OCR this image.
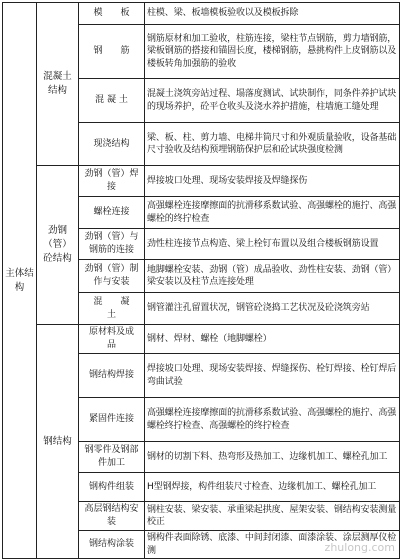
主体结构	混凝土结构	模　　板	柱模、梁、板墙模板验收以及模板拆除
		钢　　筋	钢筋原材和加工验收，柱筋连接，梁柱节点钢筋，剪力墙钢筋，梁板钢筋的搭接和锚固长度，楼梯钢筋，悬挑构件上皮钢筋以及楼板转角加强筋的验收
		混 凝 土	混凝土浇筑旁站过程、塌落度测试、试块制作，同条件养护试块的现场养护，砼平仓收头及浇水养护措施，柱墙施工缝处理
		现浇结构	梁、板、柱、剪力墙、电梯井筒尺寸和外观质量验收，设备基础尺寸验收及结构预埋钢筋保护层和砼试块强度检测
	劲钢（管）砼结构	劲钢（管）焊　　接	焊接坡口处理、现场安装焊接及焊缝探伤
		螺栓连接	高强螺栓连接摩擦面的抗滑移系数试验、高强螺栓的施拧、高强螺栓的终拧检查
		劲钢（管）与钢筋的连接	劲性柱连接节点构造、梁上栓钉布置以及组合楼板钢筋设置
		劲钢（管）制作与安装	地脚螺栓安装、劲钢（管）成品验收、劲性柱安装、劲钢（管）梁安装以及柱节点连接处理
		混　　凝　　土	钢管灌注孔留置状况，钢管砼浇捣工艺状况及砼浇筑旁站
	钢结构	原材料及成　　品	钢材、焊材、螺栓（地脚螺栓）
		钢结构焊接	焊接坡口处理、现场安装焊接、焊缝探伤、栓钉焊接、栓钉焊后弯曲试验
		紧固件连接	高强螺栓连接摩擦面的抗滑移系数试验、高强螺栓的施拧、高强螺栓终拧检查、高强螺栓的终拧检查
		钢零件及钢部件加工	钢材的切割下料、热弯形及热加工、边缘机加工、螺栓孔加工
		钢构件组装	H型钢焊接，构件组装尺寸检查、边缘机加工、螺栓孔加工
		高层钢结构安装	钢柱安装、梁安装、承重梁起拱度、屋架安装、钢结构安装测量校正
		钢结构涂装	钢构件表面除锈、底漆、中间封闭漆、面漆涂装、涂层测厚仪检测	zhulong.com
